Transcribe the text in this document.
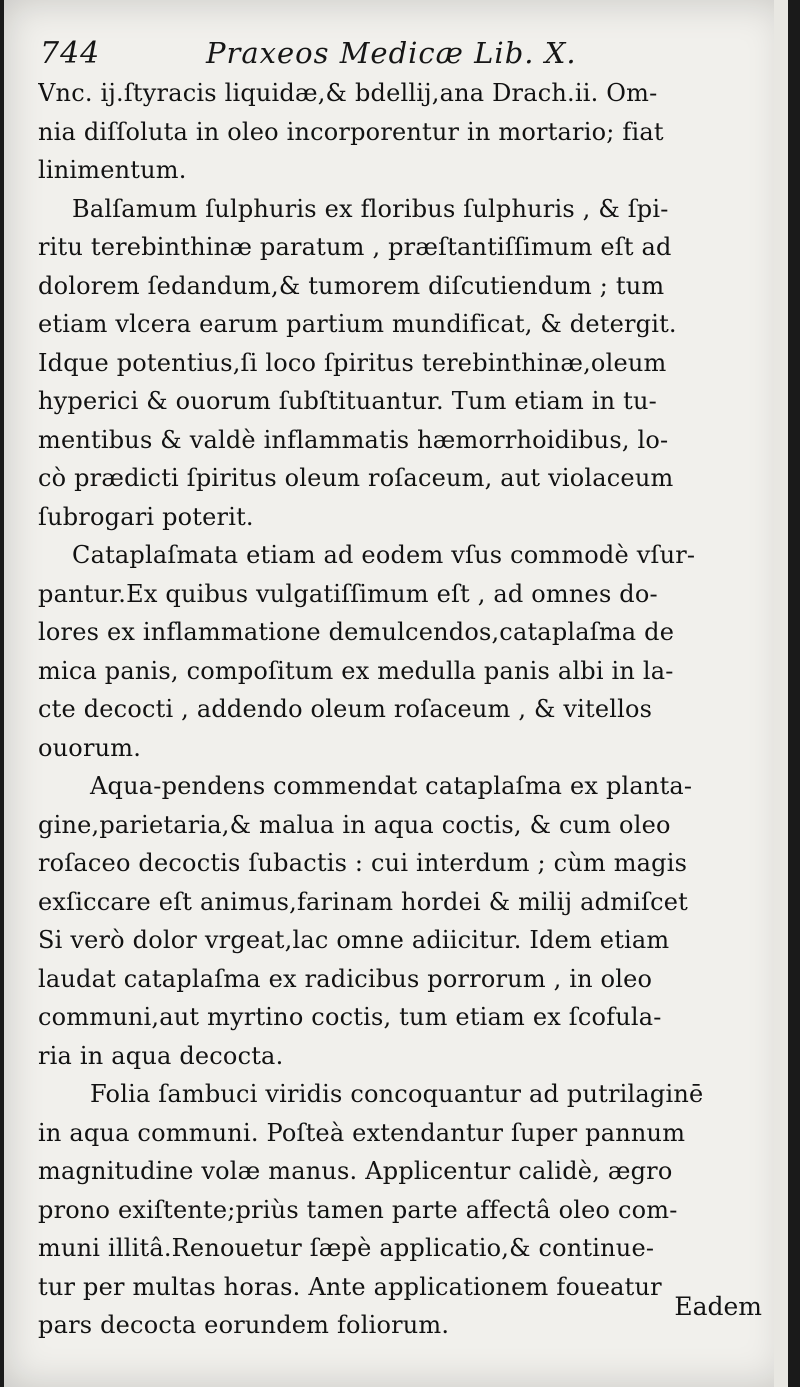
744	Praxeos Medicæ Lib. X.
Vnc. ij.ſtyracis liquidæ,& bdellij,ana Drach.ii. Om-
nia diſſoluta in oleo incorporentur in mortario; fiat
linimentum.
Balſamum ſulphuris ex floribus ſulphuris , & ſpi-
ritu terebinthinæ paratum , præſtantiſſimum eſt ad
dolorem ſedandum,& tumorem diſcutiendum ; tum
etiam vlcera earum partium mundificat, & detergit.
Idque potentius,ſi loco ſpiritus terebinthinæ,oleum
hyperici & ouorum ſubſtituantur. Tum etiam in tu-
mentibus & valdè inflammatis hæmorrhoidibus, lo-
cò prædicti ſpiritus oleum roſaceum, aut violaceum
ſubrogari poterit.
Cataplaſmata etiam ad eodem vſus commodè vſur-
pantur.Ex quibus vulgatiſſimum eſt , ad omnes do-
lores ex inflammatione demulcendos,cataplaſma de
mica panis, compoſitum ex medulla panis albi in la-
cte decocti , addendo oleum roſaceum , & vitellos
ouorum.
Aqua-pendens commendat cataplaſma ex planta-
gine,parietaria,& malua in aqua coctis, & cum oleo
roſaceo decoctis ſubactis : cui interdum ; cùm magis
exſiccare eſt animus,farinam hordei & milij admiſcet
Si verò dolor vrgeat,lac omne adiicitur. Idem etiam
laudat cataplaſma ex radicibus porrorum , in oleo
communi,aut myrtino coctis, tum etiam ex ſcofula-
ria in aqua decocta.
Folia ſambuci viridis concoquantur ad putrilaginē
in aqua communi. Poſteà extendantur ſuper pannum
magnitudine volæ manus. Applicentur calidè, ægro
prono exiſtente;priùs tamen parte affectâ oleo com-
muni illitâ.Renouetur ſæpè applicatio,& continue-
tur per multas horas. Ante applicationem foueatur
pars decocta eorundem foliorum.
Eadem
